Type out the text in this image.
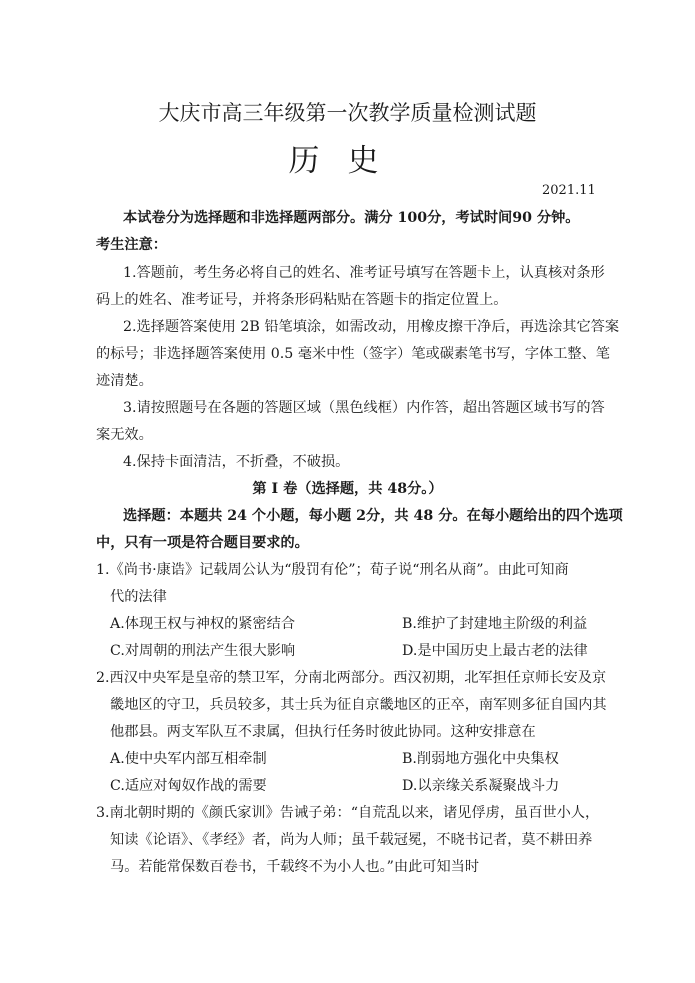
大庆市高三年级第一次教学质量检测试题
历史
2021.11
本试卷分为选择题和非选择题两部分。满分 100分，考试时间90 分钟。
考生注意：
1.答题前，考生务必将自己的姓名、准考证号填写在答题卡上，认真核对条形
码上的姓名、准考证号，并将条形码粘贴在答题卡的指定位置上。
2.选择题答案使用 2B 铅笔填涂，如需改动，用橡皮擦干净后，再选涂其它答案
的标号；非选择题答案使用 0.5 毫米中性（签字）笔或碳素笔书写，字体工整、笔
迹清楚。
3.请按照题号在各题的答题区域（黑色线框）内作答，超出答题区域书写的答
案无效。
4.保持卡面清洁，不折叠，不破损。
第 I 卷（选择题，共 48分。）
选择题：本题共 24 个小题，每小题 2分，共 48 分。在每小题给出的四个选项
中，只有一项是符合题目要求的。
1.《尚书·康诰》记载周公认为“殷罚有伦”；荀子说“刑名从商”。由此可知商
代的法律
A.体现王权与神权的紧密结合	B.维护了封建地主阶级的利益
C.对周朝的刑法产生很大影响	D.是中国历史上最古老的法律
2.西汉中央军是皇帝的禁卫军，分南北两部分。西汉初期，北军担任京师长安及京
畿地区的守卫，兵员较多，其士兵为征自京畿地区的正卒，南军则多征自国内其
他郡县。两支军队互不隶属，但执行任务时彼此协同。这种安排意在
A.使中央军内部互相牵制	B.削弱地方强化中央集权
C.适应对匈奴作战的需要	D.以亲缘关系凝聚战斗力
3.南北朝时期的《颜氏家训》告诫子弟：“自荒乱以来，诸见俘虏，虽百世小人，
知读《论语》、《孝经》者，尚为人师；虽千载冠冕，不晓书记者，莫不耕田养
马。若能常保数百卷书，千载终不为小人也。”由此可知当时
